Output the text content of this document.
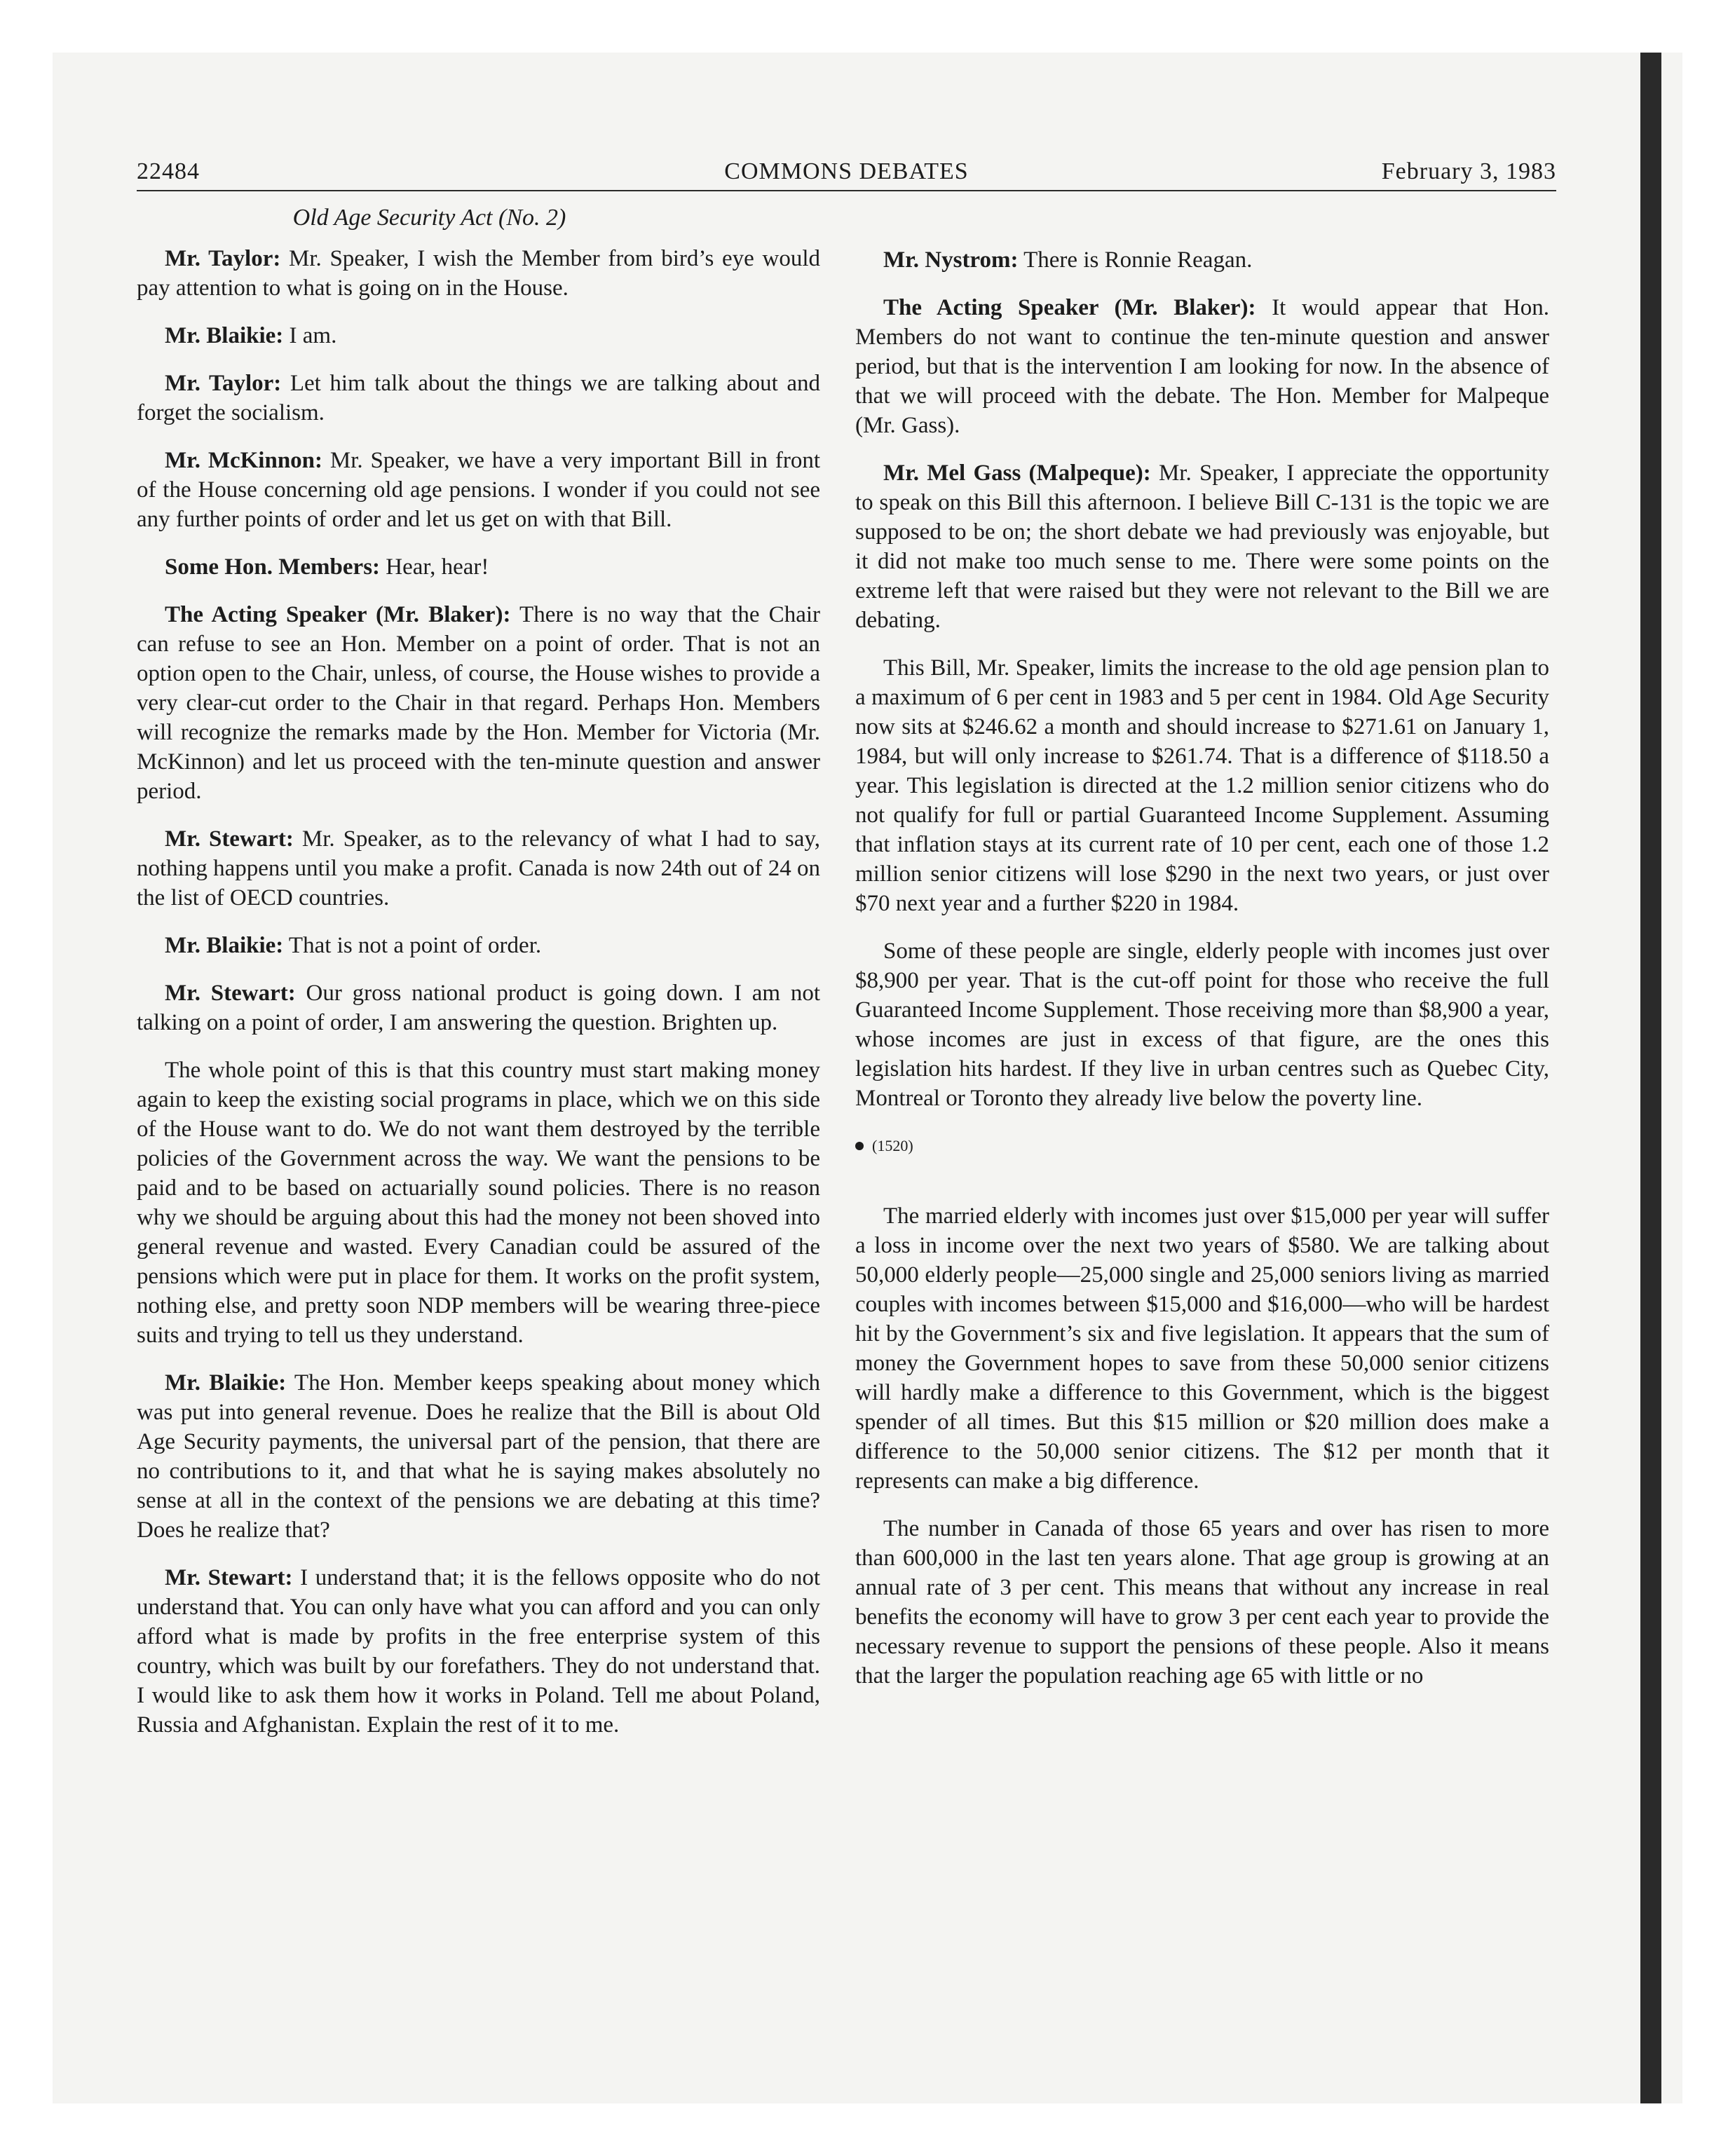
22484	COMMONS DEBATES	February 3, 1983
Old Age Security Act (No. 2)

Mr. Taylor: Mr. Speaker, I wish the Member from bird’s eye would pay attention to what is going on in the House.

Mr. Blaikie: I am.

Mr. Taylor: Let him talk about the things we are talking about and forget the socialism.

Mr. McKinnon: Mr. Speaker, we have a very important Bill in front of the House concerning old age pensions. I wonder if you could not see any further points of order and let us get on with that Bill.

Some Hon. Members: Hear, hear!

The Acting Speaker (Mr. Blaker): There is no way that the Chair can refuse to see an Hon. Member on a point of order. That is not an option open to the Chair, unless, of course, the House wishes to provide a very clear-cut order to the Chair in that regard. Perhaps Hon. Members will recognize the remarks made by the Hon. Member for Victoria (Mr. McKinnon) and let us proceed with the ten-minute question and answer period.

Mr. Stewart: Mr. Speaker, as to the relevancy of what I had to say, nothing happens until you make a profit. Canada is now 24th out of 24 on the list of OECD countries.

Mr. Blaikie: That is not a point of order.

Mr. Stewart: Our gross national product is going down. I am not talking on a point of order, I am answering the question. Brighten up.

The whole point of this is that this country must start making money again to keep the existing social programs in place, which we on this side of the House want to do. We do not want them destroyed by the terrible policies of the Government across the way. We want the pensions to be paid and to be based on actuarially sound policies. There is no reason why we should be arguing about this had the money not been shoved into general revenue and wasted. Every Canadian could be assured of the pensions which were put in place for them. It works on the profit system, nothing else, and pretty soon NDP members will be wearing three-piece suits and trying to tell us they understand.

Mr. Blaikie: The Hon. Member keeps speaking about money which was put into general revenue. Does he realize that the Bill is about Old Age Security payments, the universal part of the pension, that there are no contributions to it, and that what he is saying makes absolutely no sense at all in the context of the pensions we are debating at this time? Does he realize that?

Mr. Stewart: I understand that; it is the fellows opposite who do not understand that. You can only have what you can afford and you can only afford what is made by profits in the free enterprise system of this country, which was built by our forefathers. They do not understand that. I would like to ask them how it works in Poland. Tell me about Poland, Russia and Afghanistan. Explain the rest of it to me.

Mr. Nystrom: There is Ronnie Reagan.

The Acting Speaker (Mr. Blaker): It would appear that Hon. Members do not want to continue the ten-minute question and answer period, but that is the intervention I am looking for now. In the absence of that we will proceed with the debate. The Hon. Member for Malpeque (Mr. Gass).

Mr. Mel Gass (Malpeque): Mr. Speaker, I appreciate the opportunity to speak on this Bill this afternoon. I believe Bill C-131 is the topic we are supposed to be on; the short debate we had previously was enjoyable, but it did not make too much sense to me. There were some points on the extreme left that were raised but they were not relevant to the Bill we are debating.

This Bill, Mr. Speaker, limits the increase to the old age pension plan to a maximum of 6 per cent in 1983 and 5 per cent in 1984. Old Age Security now sits at $246.62 a month and should increase to $271.61 on January 1, 1984, but will only increase to $261.74. That is a difference of $118.50 a year. This legislation is directed at the 1.2 million senior citizens who do not qualify for full or partial Guaranteed Income Supplement. Assuming that inflation stays at its current rate of 10 per cent, each one of those 1.2 million senior citizens will lose $290 in the next two years, or just over $70 next year and a further $220 in 1984.

Some of these people are single, elderly people with incomes just over $8,900 per year. That is the cut-off point for those who receive the full Guaranteed Income Supplement. Those receiving more than $8,900 a year, whose incomes are just in excess of that figure, are the ones this legislation hits hardest. If they live in urban centres such as Quebec City, Montreal or Toronto they already live below the poverty line.

(1520)

The married elderly with incomes just over $15,000 per year will suffer a loss in income over the next two years of $580. We are talking about 50,000 elderly people—25,000 single and 25,000 seniors living as married couples with incomes between $15,000 and $16,000—who will be hardest hit by the Government’s six and five legislation. It appears that the sum of money the Government hopes to save from these 50,000 senior citizens will hardly make a difference to this Government, which is the biggest spender of all times. But this $15 million or $20 million does make a difference to the 50,000 senior citizens. The $12 per month that it represents can make a big difference.

The number in Canada of those 65 years and over has risen to more than 600,000 in the last ten years alone. That age group is growing at an annual rate of 3 per cent. This means that without any increase in real benefits the economy will have to grow 3 per cent each year to provide the necessary revenue to support the pensions of these people. Also it means that the larger the population reaching age 65 with little or no
